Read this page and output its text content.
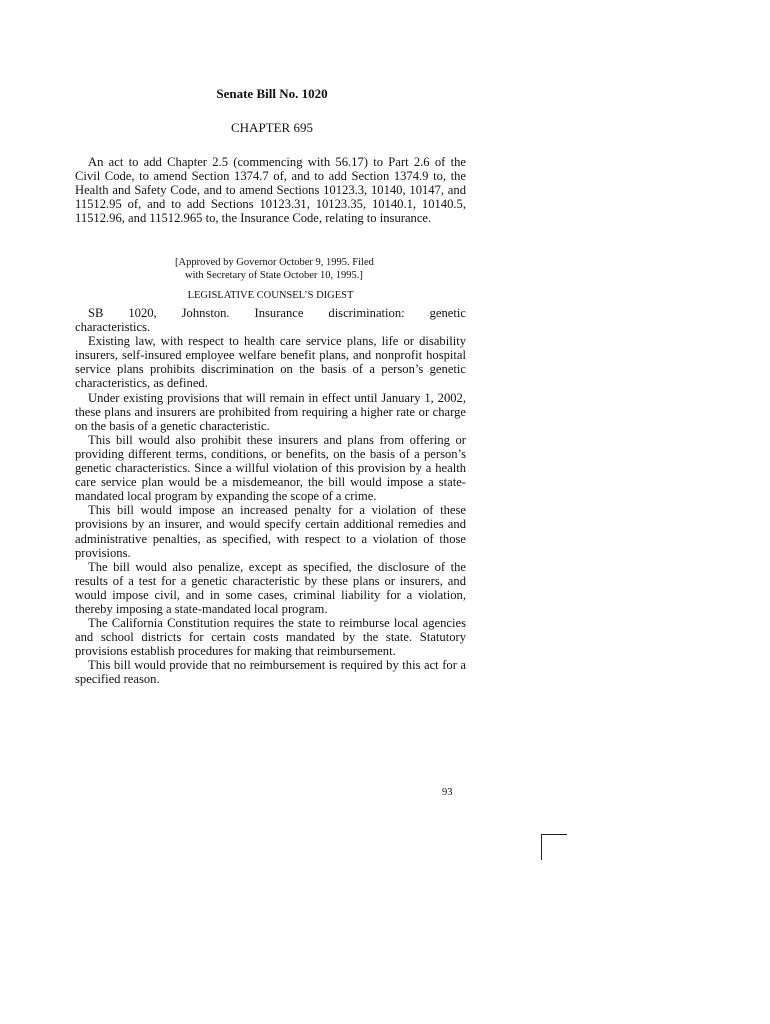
Senate Bill No. 1020
CHAPTER 695

An act to add Chapter 2.5 (commencing with 56.17) to Part 2.6 of the Civil Code, to amend Section 1374.7 of, and to add Section 1374.9 to, the Health and Safety Code, and to amend Sections 10123.3, 10140, 10147, and 11512.95 of, and to add Sections 10123.31, 10123.35, 10140.1, 10140.5, 11512.96, and 11512.965 to, the Insurance Code, relating to insurance.

[Approved by Governor October 9, 1995. Filed
with Secretary of State October 10, 1995.]
LEGISLATIVE COUNSEL’S DIGEST
SB 1020, Johnston. Insurance discrimination: genetic
characteristics.

Existing law, with respect to health care service plans, life or disability insurers, self-insured employee welfare benefit plans, and nonprofit hospital service plans prohibits discrimination on the basis of a person’s genetic characteristics, as defined.

Under existing provisions that will remain in effect until January 1, 2002, these plans and insurers are prohibited from requiring a higher rate or charge on the basis of a genetic characteristic.

This bill would also prohibit these insurers and plans from offering or providing different terms, conditions, or benefits, on the basis of a person’s genetic characteristics. Since a willful violation of this provision by a health care service plan would be a misdemeanor, the bill would impose a state-mandated local program by expanding the scope of a crime.

This bill would impose an increased penalty for a violation of these provisions by an insurer, and would specify certain additional remedies and administrative penalties, as specified, with respect to a violation of those provisions.

The bill would also penalize, except as specified, the disclosure of the results of a test for a genetic characteristic by these plans or insurers, and would impose civil, and in some cases, criminal liability for a violation, thereby imposing a state-mandated local program.

The California Constitution requires the state to reimburse local agencies and school districts for certain costs mandated by the state. Statutory provisions establish procedures for making that reimbursement.

This bill would provide that no reimbursement is required by this act for a specified reason.

93
